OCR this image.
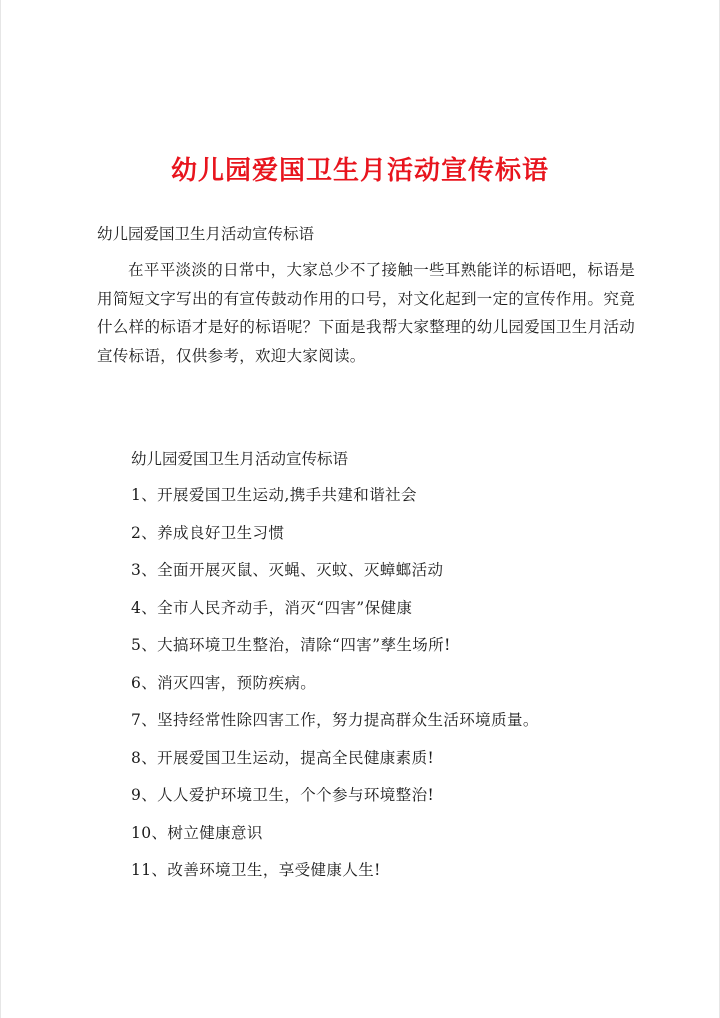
幼儿园爱国卫生月活动宣传标语
幼儿园爱国卫生月活动宣传标语

在平平淡淡的日常中，大家总少不了接触一些耳熟能详的标语吧，标语是用简短文字写出的有宣传鼓动作用的口号，对文化起到一定的宣传作用。究竟什么样的标语才是好的标语呢？下面是我帮大家整理的幼儿园爱国卫生月活动宣传标语，仅供参考，欢迎大家阅读。

幼儿园爱国卫生月活动宣传标语
1、开展爱国卫生运动,携手共建和谐社会
2、养成良好卫生习惯
3、全面开展灭鼠、灭蝇、灭蚊、灭蟑螂活动
4、全市人民齐动手，消灭“四害”保健康
5、大搞环境卫生整治，清除“四害”孳生场所!
6、消灭四害，预防疾病。
7、坚持经常性除四害工作，努力提高群众生活环境质量。
8、开展爱国卫生运动，提高全民健康素质!
9、人人爱护环境卫生，个个参与环境整治!
10、树立健康意识
11、改善环境卫生，享受健康人生!
